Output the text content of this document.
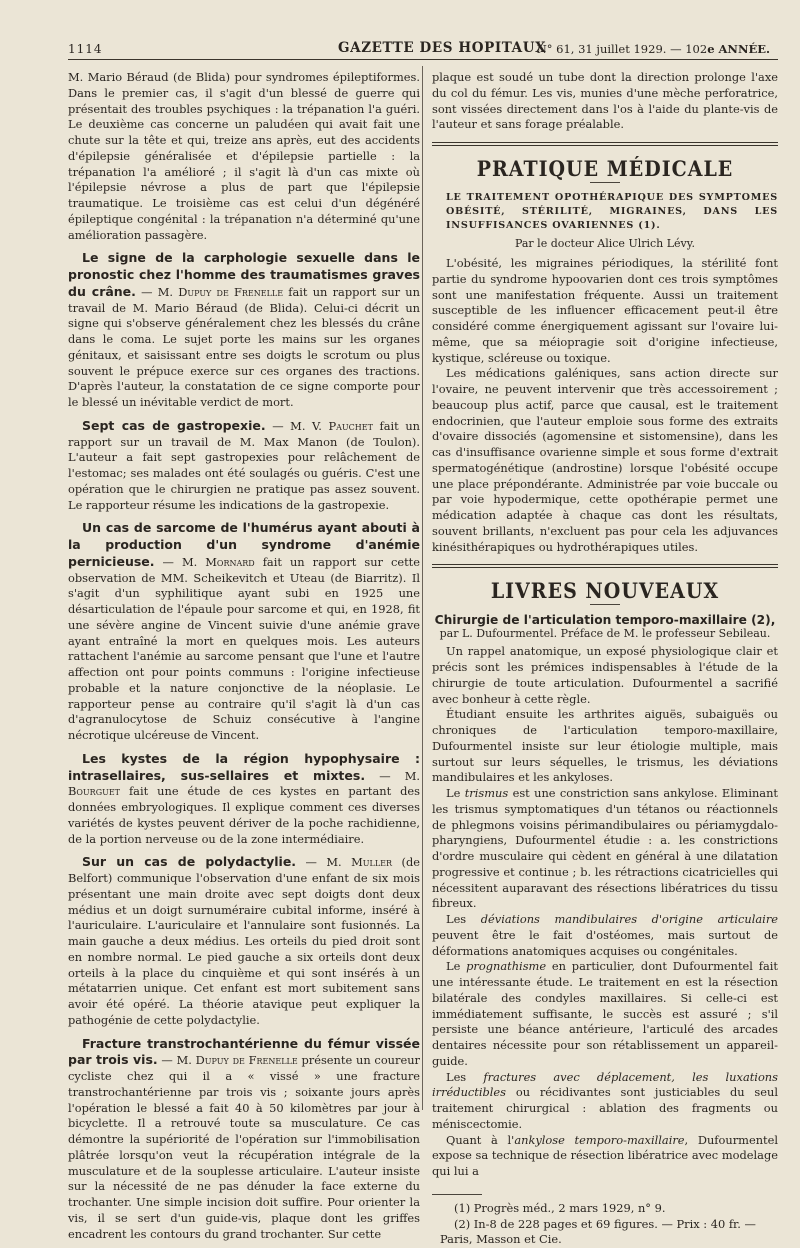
1114	GAZETTE DES HOPITAUX
N° 61, 31 juillet 1929. — 102e ANNÉE.

M. Mario Béraud (de Blida) pour syndromes épileptiformes. Dans le premier cas, il s'agit d'un blessé de guerre qui présentait des troubles psychiques : la trépanation l'a guéri. Le deuxième cas concerne un paludéen qui avait fait une chute sur la tête et qui, treize ans après, eut des accidents d'épilepsie généralisée et d'épilepsie partielle : la trépanation l'a amélioré ; il s'agit là d'un cas mixte où l'épilepsie névrose a plus de part que l'épilepsie traumatique. Le troisième cas est celui d'un dégénéré épileptique congénital : la trépanation n'a déterminé qu'une amélioration passagère.

Le signe de la carphologie sexuelle dans le pronostic chez l'homme des traumatismes graves du crâne. — M. Dupuy de Frenelle fait un rapport sur un travail de M. Mario Béraud (de Blida). Celui-ci décrit un signe qui s'observe généralement chez les blessés du crâne dans le coma. Le sujet porte les mains sur les organes génitaux, et saisissant entre ses doigts le scrotum ou plus souvent le prépuce exerce sur ces organes des tractions. D'après l'auteur, la constatation de ce signe comporte pour le blessé un inévitable verdict de mort.

Sept cas de gastropexie. — M. V. Pauchet fait un rapport sur un travail de M. Max Manon (de Toulon). L'auteur a fait sept gastropexies pour relâchement de l'estomac; ses malades ont été soulagés ou guéris. C'est une opération que le chirurgien ne pratique pas assez souvent. Le rapporteur résume les indications de la gastropexie.

Un cas de sarcome de l'humérus ayant abouti à la production d'un syndrome d'anémie pernicieuse. — M. Mornard fait un rapport sur cette observation de MM. Scheikevitch et Uteau (de Biarritz). Il s'agit d'un syphilitique ayant subi en 1925 une désarticulation de l'épaule pour sarcome et qui, en 1928, fit une sévère angine de Vincent suivie d'une anémie grave ayant entraîné la mort en quelques mois. Les auteurs rattachent l'anémie au sarcome pensant que l'une et l'autre affection ont pour points communs : l'origine infectieuse probable et la nature conjonctive de la néoplasie. Le rapporteur pense au contraire qu'il s'agit là d'un cas d'agranulocytose de Schuiz consécutive à l'angine nécrotique ulcéreuse de Vincent.

Les kystes de la région hypophysaire : intrasellaires, sus-sellaires et mixtes. — M. Bourguet fait une étude de ces kystes en partant des données embryologiques. Il explique comment ces diverses variétés de kystes peuvent dériver de la poche rachidienne, de la portion nerveuse ou de la zone intermédiaire.

Sur un cas de polydactylie. — M. Muller (de Belfort) communique l'observation d'une enfant de six mois présentant une main droite avec sept doigts dont deux médius et un doigt surnuméraire cubital informe, inséré à l'auriculaire. L'auriculaire et l'annulaire sont fusionnés. La main gauche a deux médius. Les orteils du pied droit sont en nombre normal. Le pied gauche a six orteils dont deux orteils à la place du cinquième et qui sont insérés à un métatarrien unique. Cet enfant est mort subitement sans avoir été opéré. La théorie atavique peut expliquer la pathogénie de cette polydactylie.

Fracture transtrochantérienne du fémur vissée par trois vis. — M. Dupuy de Frenelle présente un coureur cycliste chez qui il a « vissé » une fracture transtrochantérienne par trois vis ; soixante jours après l'opération le blessé a fait 40 à 50 kilomètres par jour à bicyclette. Il a retrouvé toute sa musculature. Ce cas démontre la supériorité de l'opération sur l'immobilisation plâtrée lorsqu'on veut la récupération intégrale de la musculature et de la souplesse articulaire. L'auteur insiste sur la nécessité de ne pas dénuder la face externe du trochanter. Une simple incision doit suffire. Pour orienter la vis, il se sert d'un guide-vis, plaque dont les griffes encadrent les contours du grand trochanter. Sur cette

plaque est soudé un tube dont la direction prolonge l'axe du col du fémur. Les vis, munies d'une mèche perforatrice, sont vissées directement dans l'os à l'aide du plante-vis de l'auteur et sans forage préalable.

PRATIQUE MÉDICALE
LE TRAITEMENT OPOTHÉRAPIQUE DES SYMPTOMES OBÉSITÉ, STÉRILITÉ, MIGRAINES, DANS LES INSUFFISANCES OVARIENNES (1).
Par le docteur Alice Ulrich Lévy.

L'obésité, les migraines périodiques, la stérilité font partie du syndrome hypoovarien dont ces trois symptômes sont une manifestation fréquente. Aussi un traitement susceptible de les influencer efficacement peut-il être considéré comme énergiquement agissant sur l'ovaire lui-même, que sa méiopragie soit d'origine infectieuse, kystique, scléreuse ou toxique.

Les médications galéniques, sans action directe sur l'ovaire, ne peuvent intervenir que très accessoirement ; beaucoup plus actif, parce que causal, est le traitement endocrinien, que l'auteur emploie sous forme des extraits d'ovaire dissociés (agomensine et sistomensine), dans les cas d'insuffisance ovarienne simple et sous forme d'extrait spermatogénétique (androstine) lorsque l'obésité occupe une place prépondérante. Administrée par voie buccale ou par voie hypodermique, cette opothérapie permet une médication adaptée à chaque cas dont les résultats, souvent brillants, n'excluent pas pour cela les adjuvances kinésithérapiques ou hydrothérapiques utiles.

LIVRES NOUVEAUX
Chirurgie de l'articulation temporo-maxillaire (2),
par L. Dufourmentel. Préface de M. le professeur Sebileau.

Un rappel anatomique, un exposé physiologique clair et précis sont les prémices indispensables à l'étude de la chirurgie de toute articulation. Dufourmentel a sacrifié avec bonheur à cette règle.

Étudiant ensuite les arthrites aiguës, subaiguës ou chroniques de l'articulation temporo-maxillaire, Dufourmentel insiste sur leur étiologie multiple, mais surtout sur leurs séquelles, le trismus, les déviations mandibulaires et les ankyloses.

Le trismus est une constriction sans ankylose. Eliminant les trismus symptomatiques d'un tétanos ou réactionnels de phlegmons voisins périmandibulaires ou périamygdalo-pharyngiens, Dufourmentel étudie : a. les constrictions d'ordre musculaire qui cèdent en général à une dilatation progressive et continue ; b. les rétractions cicatricielles qui nécessitent auparavant des résections libératrices du tissu fibreux.

Les déviations mandibulaires d'origine articulaire peuvent être le fait d'ostéomes, mais surtout de déformations anatomiques acquises ou congénitales.

Le prognathisme en particulier, dont Dufourmentel fait une intéressante étude. Le traitement en est la résection bilatérale des condyles maxillaires. Si celle-ci est immédiatement suffisante, le succès est assuré ; s'il persiste une béance antérieure, l'articulé des arcades dentaires nécessite pour son rétablissement un appareil-guide.

Les fractures avec déplacement, les luxations irréductibles ou récidivantes sont justiciables du seul traitement chirurgical : ablation des fragments ou méniscectomie.

Quant à l'ankylose temporo-maxillaire, Dufourmentel expose sa technique de résection libératrice avec modelage qui lui a

(1) Progrès méd., 2 mars 1929, n° 9.

(2) In-8 de 228 pages et 69 figures. — Prix : 40 fr. — Paris, Masson et Cie.
